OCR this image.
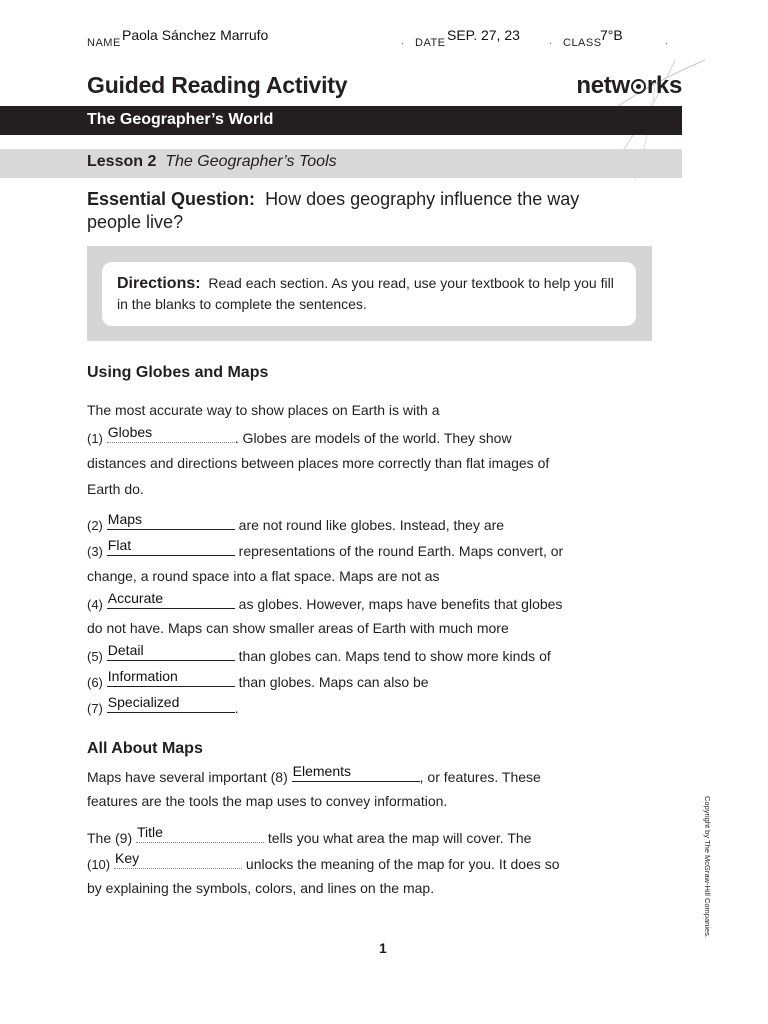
NAME Paola Sánchez Marrufo	. DATE SEP. 27, 23	. CLASS
7°B	.
Guided Reading Activity	netw rks
The Geographer’s World
Lesson 2 The Geographer’s Tools
Essential Question: How does geography influence the way people live?
Directions: Read each section. As you read, use your textbook to help you fill in the blanks to complete the sentences.
Using Globes and Maps
The most accurate way to show places on Earth is with a
(1) Globes	. Globes are models of the world. They show
distances and directions between places more correctly than flat images of
Earth do.
(2) Maps	are not round like globes. Instead, they are
(3) Flat	representations of the round Earth. Maps convert, or
change, a round space into a flat space. Maps are not as
(4) Accurate	as globes. However, maps have benefits that globes
do not have. Maps can show smaller areas of Earth with much more
(5) Detail	than globes can. Maps tend to show more kinds of
(6) Information	than globes. Maps can also be
(7) Specialized	.
All About Maps
Maps have several important (8) Elements	, or features. These
features are the tools the map uses to convey information.
The (9) Title	tells you what area the map will cover. The
(10) Key	unlocks the meaning of the map for you. It does so
by explaining the symbols, colors, and lines on the map.	Copyright by The McGraw-Hill Companies.
1
